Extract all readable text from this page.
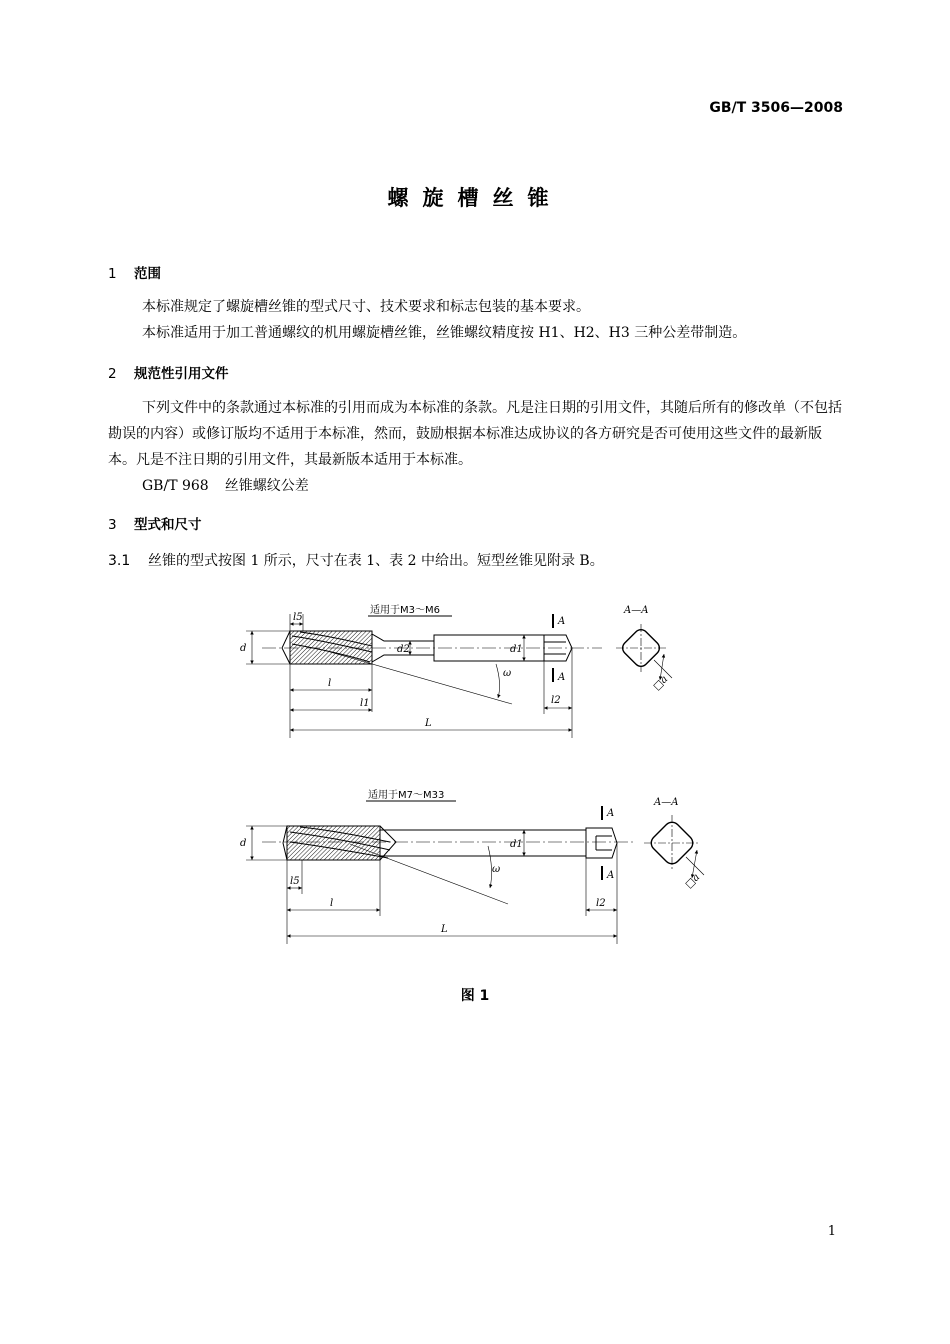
GB/T 3506—2008
螺旋槽丝锥
1 范围

本标准规定了螺旋槽丝锥的型式尺寸、技术要求和标志包装的基本要求。

本标准适用于加工普通螺纹的机用螺旋槽丝锥，丝锥螺纹精度按 H1、H2、H3 三种公差带制造。

2 规范性引用文件

下列文件中的条款通过本标准的引用而成为本标准的条款。凡是注日期的引用文件，其随后所有的修改单（不包括勘误的内容）或修订版均不适用于本标准，然而，鼓励根据本标准达成协议的各方研究是否可使用这些文件的最新版本。凡是不注日期的引用文件，其最新版本适用于本标准。

GB/T 968 丝锥螺纹公差
3 型式和尺寸
3.1 丝锥的型式按图 1 所示，尺寸在表 1、表 2 中给出。短型丝锥见附录 B。
适用于M3～M6
A
A
l5
d	d2	d1
ω
l
l1	l2
L
A—A
□a
适用于M7～M33
A
A
d	d1
ω
l5
l	l2
L
A—A
□a
图 1
1
